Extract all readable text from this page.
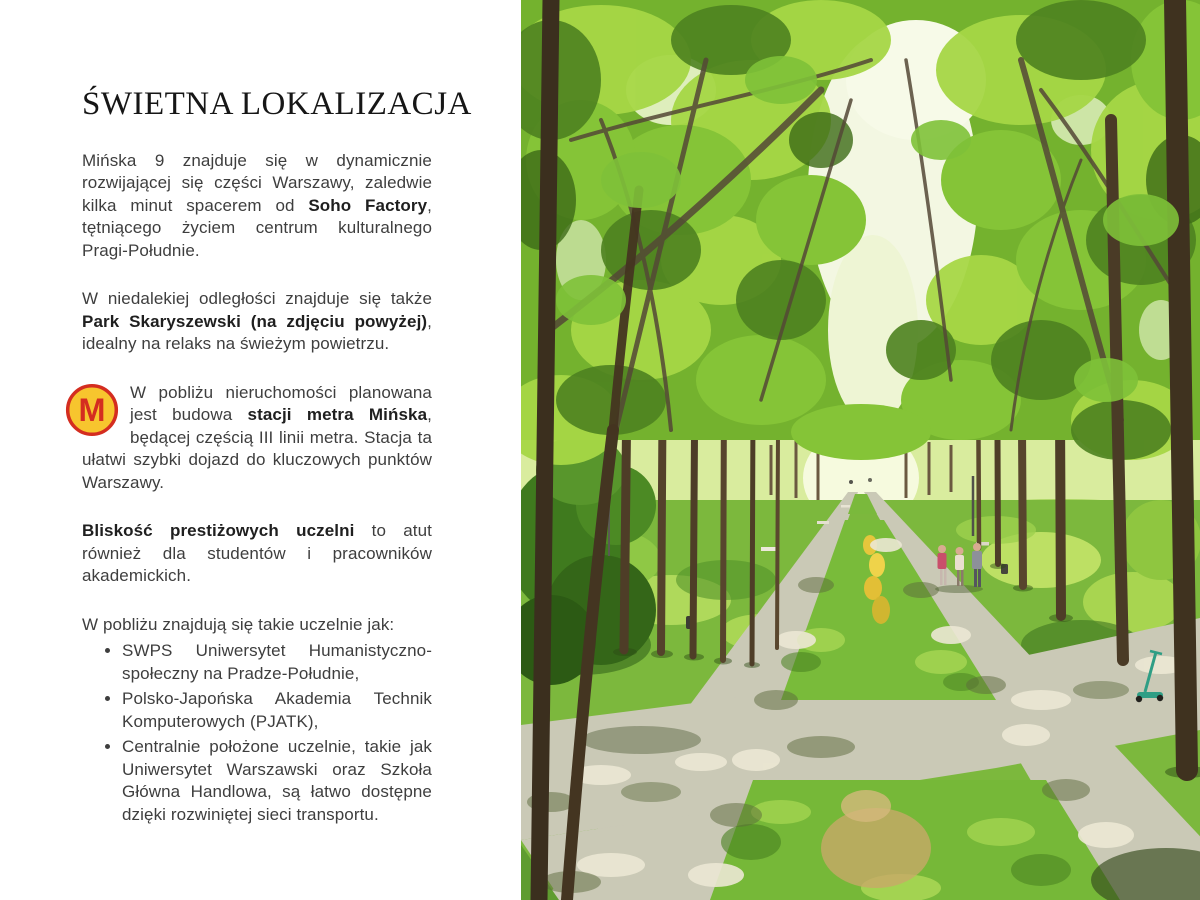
ŚWIETNA LOKALIZACJA

Mińska 9 znajduje się w dynamicznie rozwijającej się części Warszawy, zaledwie kilka minut spacerem od Soho Factory, tętniącego życiem centrum kulturalnego Pragi-Południe.

W niedalekiej odległości znajduje się także Park Skaryszewski (na zdjęciu powyżej), idealny na relaks na świeżym powietrzu.

M W pobliżu nieruchomości planowana jest budowa stacji metra Mińska, będącej częścią III linii metra. Stacja ta ułatwi szybki dojazd do kluczowych punktów Warszawy.

Bliskość prestiżowych uczelni to atut również dla studentów i pracowników akademickich.

W pobliżu znajdują się takie uczelnie jak:

• SWPS Uniwersytet Humanistyczno-społeczny na Pradze-Południe,
• Polsko-Japońska Akademia Technik Komputerowych (PJATK),
• Centralnie położone uczelnie, takie jak Uniwersytet Warszawski oraz Szkoła Główna Handlowa, są łatwo dostępne dzięki rozwiniętej sieci transportu.
